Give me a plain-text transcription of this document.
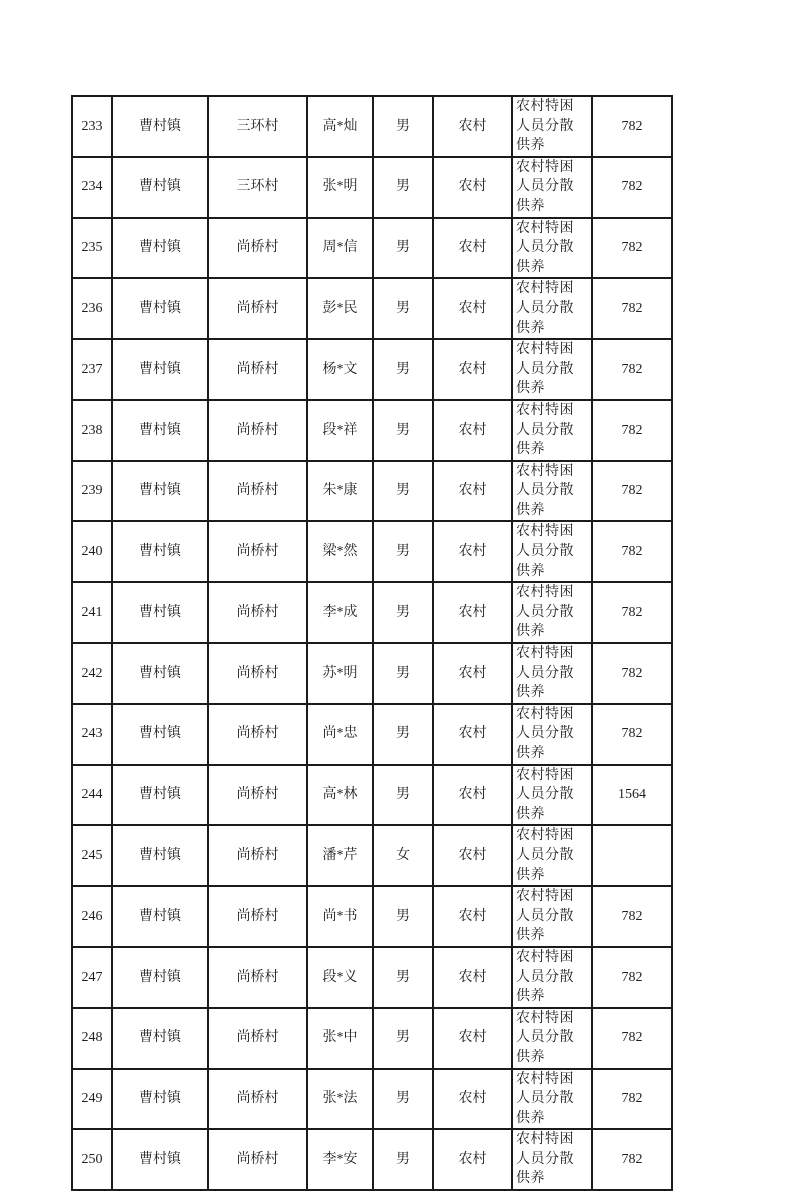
233	曹村镇	三环村	高*灿	男	农村	农村特困人员分散供养	782
234	曹村镇	三环村	张*明	男	农村	农村特困人员分散供养	782
235	曹村镇	尚桥村	周*信	男	农村	农村特困人员分散供养	782
236	曹村镇	尚桥村	彭*民	男	农村	农村特困人员分散供养	782
237	曹村镇	尚桥村	杨*文	男	农村	农村特困人员分散供养	782
238	曹村镇	尚桥村	段*祥	男	农村	农村特困人员分散供养	782
239	曹村镇	尚桥村	朱*康	男	农村	农村特困人员分散供养	782
240	曹村镇	尚桥村	梁*然	男	农村	农村特困人员分散供养	782
241	曹村镇	尚桥村	李*成	男	农村	农村特困人员分散供养	782
242	曹村镇	尚桥村	苏*明	男	农村	农村特困人员分散供养	782
243	曹村镇	尚桥村	尚*忠	男	农村	农村特困人员分散供养	782
244	曹村镇	尚桥村	高*林	男	农村	农村特困人员分散供养	1564
245	曹村镇	尚桥村	潘*芹	女	农村	农村特困人员分散供养	
246	曹村镇	尚桥村	尚*书	男	农村	农村特困人员分散供养	782
247	曹村镇	尚桥村	段*义	男	农村	农村特困人员分散供养	782
248	曹村镇	尚桥村	张*中	男	农村	农村特困人员分散供养	782
249	曹村镇	尚桥村	张*法	男	农村	农村特困人员分散供养	782
250	曹村镇	尚桥村	李*安	男	农村	农村特困人员分散供养	782
